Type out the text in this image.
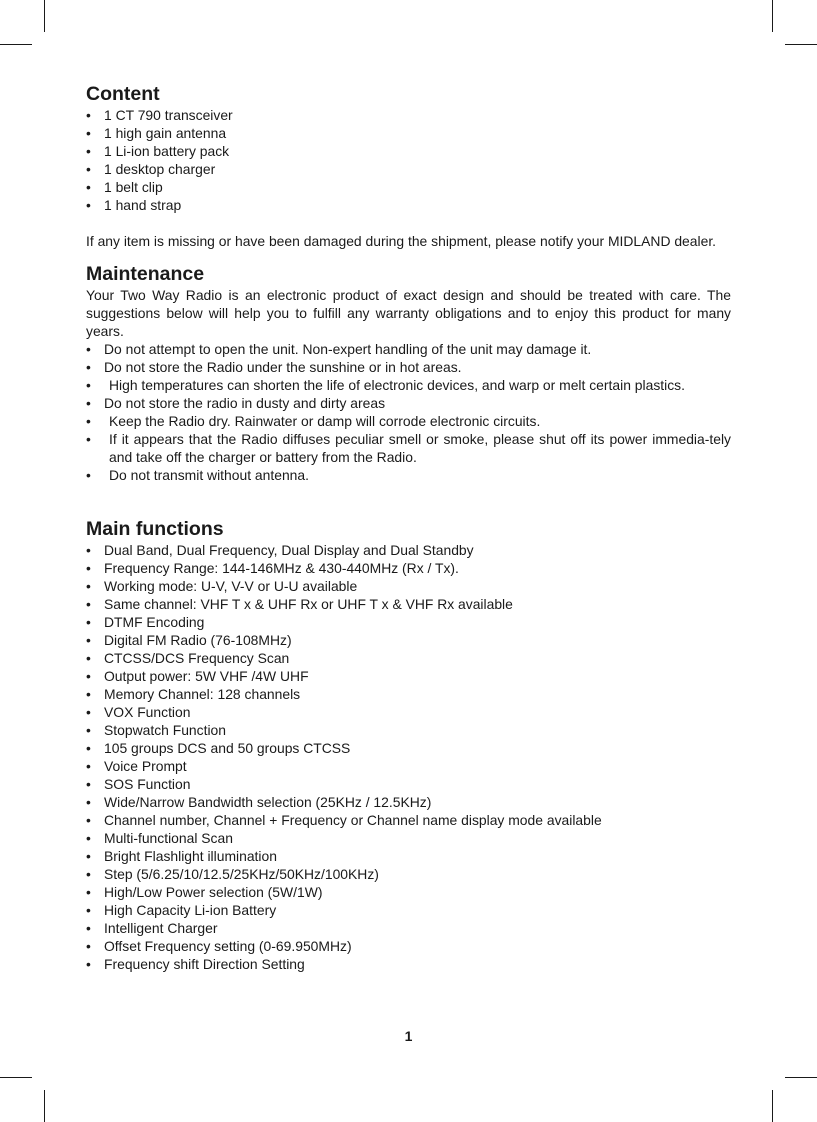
Content
• 1 CT 790 transceiver
• 1 high gain antenna
• 1 Li-ion battery pack
• 1 desktop charger
• 1 belt clip
• 1 hand strap

If any item is missing or have been damaged during the shipment, please notify your MIDLAND dealer.

Maintenance

Your Two Way Radio is an electronic product of exact design and should be treated with care. The suggestions below will help you to fulfill any warranty obligations and to enjoy this product for many years.

• Do not attempt to open the unit. Non-expert handling of the unit may damage it.
• Do not store the Radio under the sunshine or in hot areas.
• High temperatures can shorten the life of electronic devices, and warp or melt certain plastics.
• Do not store the radio in dusty and dirty areas
• Keep the Radio dry. Rainwater or damp will corrode electronic circuits.
• If it appears that the Radio diffuses peculiar smell or smoke, please shut off its power immedia-tely and take off the charger or battery from the Radio.
• Do not transmit without antenna.
Main functions
• Dual Band, Dual Frequency, Dual Display and Dual Standby
• Frequency Range: 144-146MHz & 430-440MHz (Rx / Tx).
• Working mode: U-V, V-V or U-U available
• Same channel: VHF T x & UHF Rx or UHF T x & VHF Rx available
• DTMF Encoding
• Digital FM Radio (76-108MHz)
• CTCSS/DCS Frequency Scan
• Output power: 5W VHF /4W UHF
• Memory Channel: 128 channels
• VOX Function
• Stopwatch Function
• 105 groups DCS and 50 groups CTCSS
• Voice Prompt
• SOS Function
• Wide/Narrow Bandwidth selection (25KHz / 12.5KHz)
• Channel number, Channel + Frequency or Channel name display mode available
• Multi-functional Scan
• Bright Flashlight illumination
• Step (5/6.25/10/12.5/25KHz/50KHz/100KHz)
• High/Low Power selection (5W/1W)
• High Capacity Li-ion Battery
• Intelligent Charger
• Offset Frequency setting (0-69.950MHz)
• Frequency shift Direction Setting
1
